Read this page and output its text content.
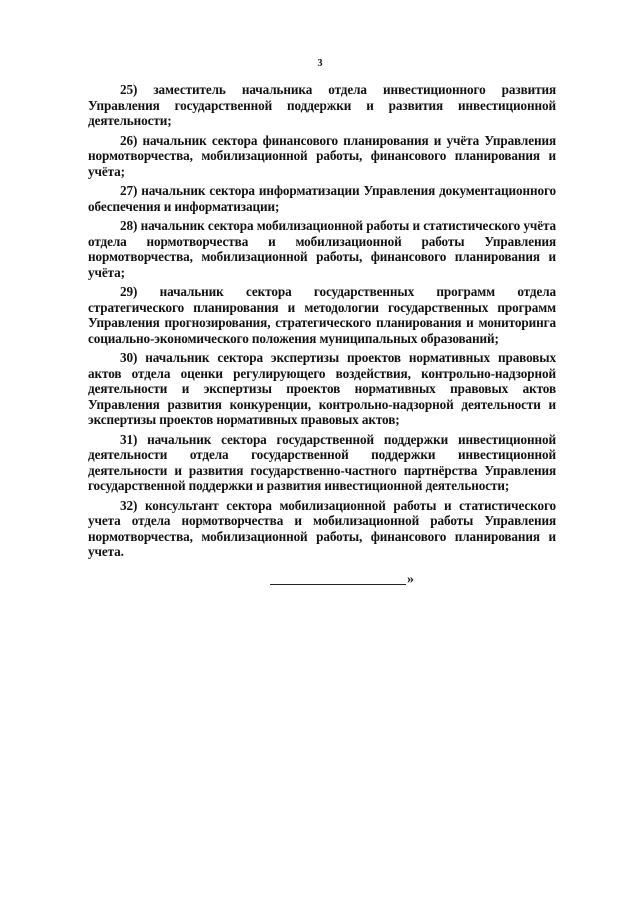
3

25) заместитель начальника отдела инвестиционного развития Управления государственной поддержки и развития инвестиционной деятельности;

26) начальник сектора финансового планирования и учёта Управления нормотворчества, мобилизационной работы, финансового планирования и учёта;

27) начальник сектора информатизации Управления документационного обеспечения и информатизации;

28) начальник сектора мобилизационной работы и статистического учёта отдела нормотворчества и мобилизационной работы Управления нормотворчества, мобилизационной работы, финансового планирования и учёта;

29) начальник сектора государственных программ отдела стратегического планирования и методологии государственных программ Управления прогнозирования, стратегического планирования и мониторинга социально-экономического положения муниципальных образований;

30) начальник сектора экспертизы проектов нормативных правовых актов отдела оценки регулирующего воздействия, контрольно-надзорной деятельности и экспертизы проектов нормативных правовых актов Управления развития конкуренции, контрольно-надзорной деятельности и экспертизы проектов нормативных правовых актов;

31) начальник сектора государственной поддержки инвестиционной деятельности отдела государственной поддержки инвестиционной деятельности и развития государственно-частного партнёрства Управления государственной поддержки и развития инвестиционной деятельности;

32) консультант сектора мобилизационной работы и статистического учета отдела нормотворчества и мобилизационной работы Управления нормотворчества, мобилизационной работы, финансового планирования и учета.

»
